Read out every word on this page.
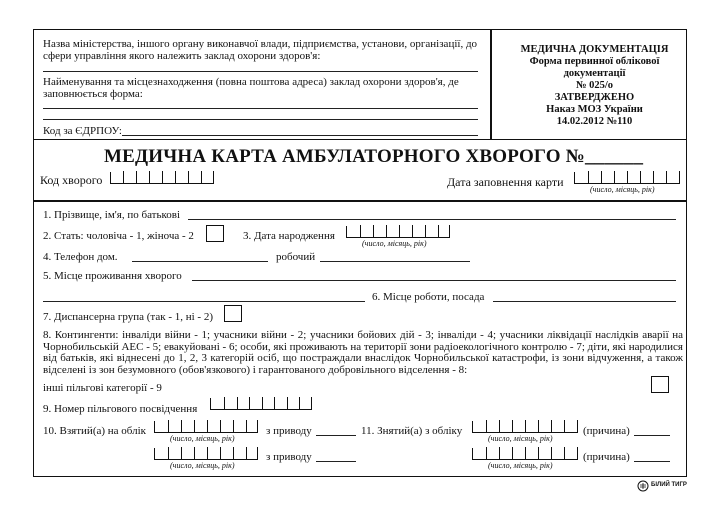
Назва міністерства, іншого органу виконавчої влади, підприємства, установи, організації, до
сфери управління якого належить заклад охорони здоров'я:
Найменування та місцезнаходження (повна поштова адреса) заклад охорони здоров'я, де
заповнюється форма:
Код за ЄДРПОУ:
МЕДИЧНА ДОКУМЕНТАЦІЯ
Форма первинної облікової
документації
№ 025/о
ЗАТВЕРДЖЕНО
Наказ МОЗ України
14.02.2012 №110
МЕДИЧНА КАРТА АМБУЛАТОРНОГО ХВОРОГО №______
Код хворого	Дата заповнення карти
(число, місяць, рік)
1. Прізвище, ім'я, по батькові
2. Стать: чоловіча - 1, жіноча - 2	3. Дата народження
(число, місяць, рік)
4. Телефон дом.	робочий
5. Місце проживання хворого
6. Місце роботи, посада
7. Диспансерна група (так - 1, ні - 2)
8. Контингенти: інваліди війни - 1; учасники війни - 2; учасники бойових дій - 3; інваліди - 4; учасники ліквідації наслідків аварії на Чорнобильській АЕС - 5; евакуйовані - 6; особи, які проживають на території зони радіоекологічного контролю - 7; діти, які народилися від батьків, які віднесені до 1, 2, 3 категорій осіб, що постраждали внаслідок Чорнобильської катастрофи, із зони відчуження, а також відселені із зон безумовного (обов'язкового) і гарантованого добровільного відселення - 8:
інші пільгові категорії - 9
9. Номер пільгового посвідчення
10. Взятий(а) на облік
(число, місяць, рік)
з приводу	11. Знятий(а) з обліку
(число, місяць, рік)
(причина)
(число, місяць, рік)
з приводу
(число, місяць, рік)
(причина)
БІЛИЙ ТИГР
